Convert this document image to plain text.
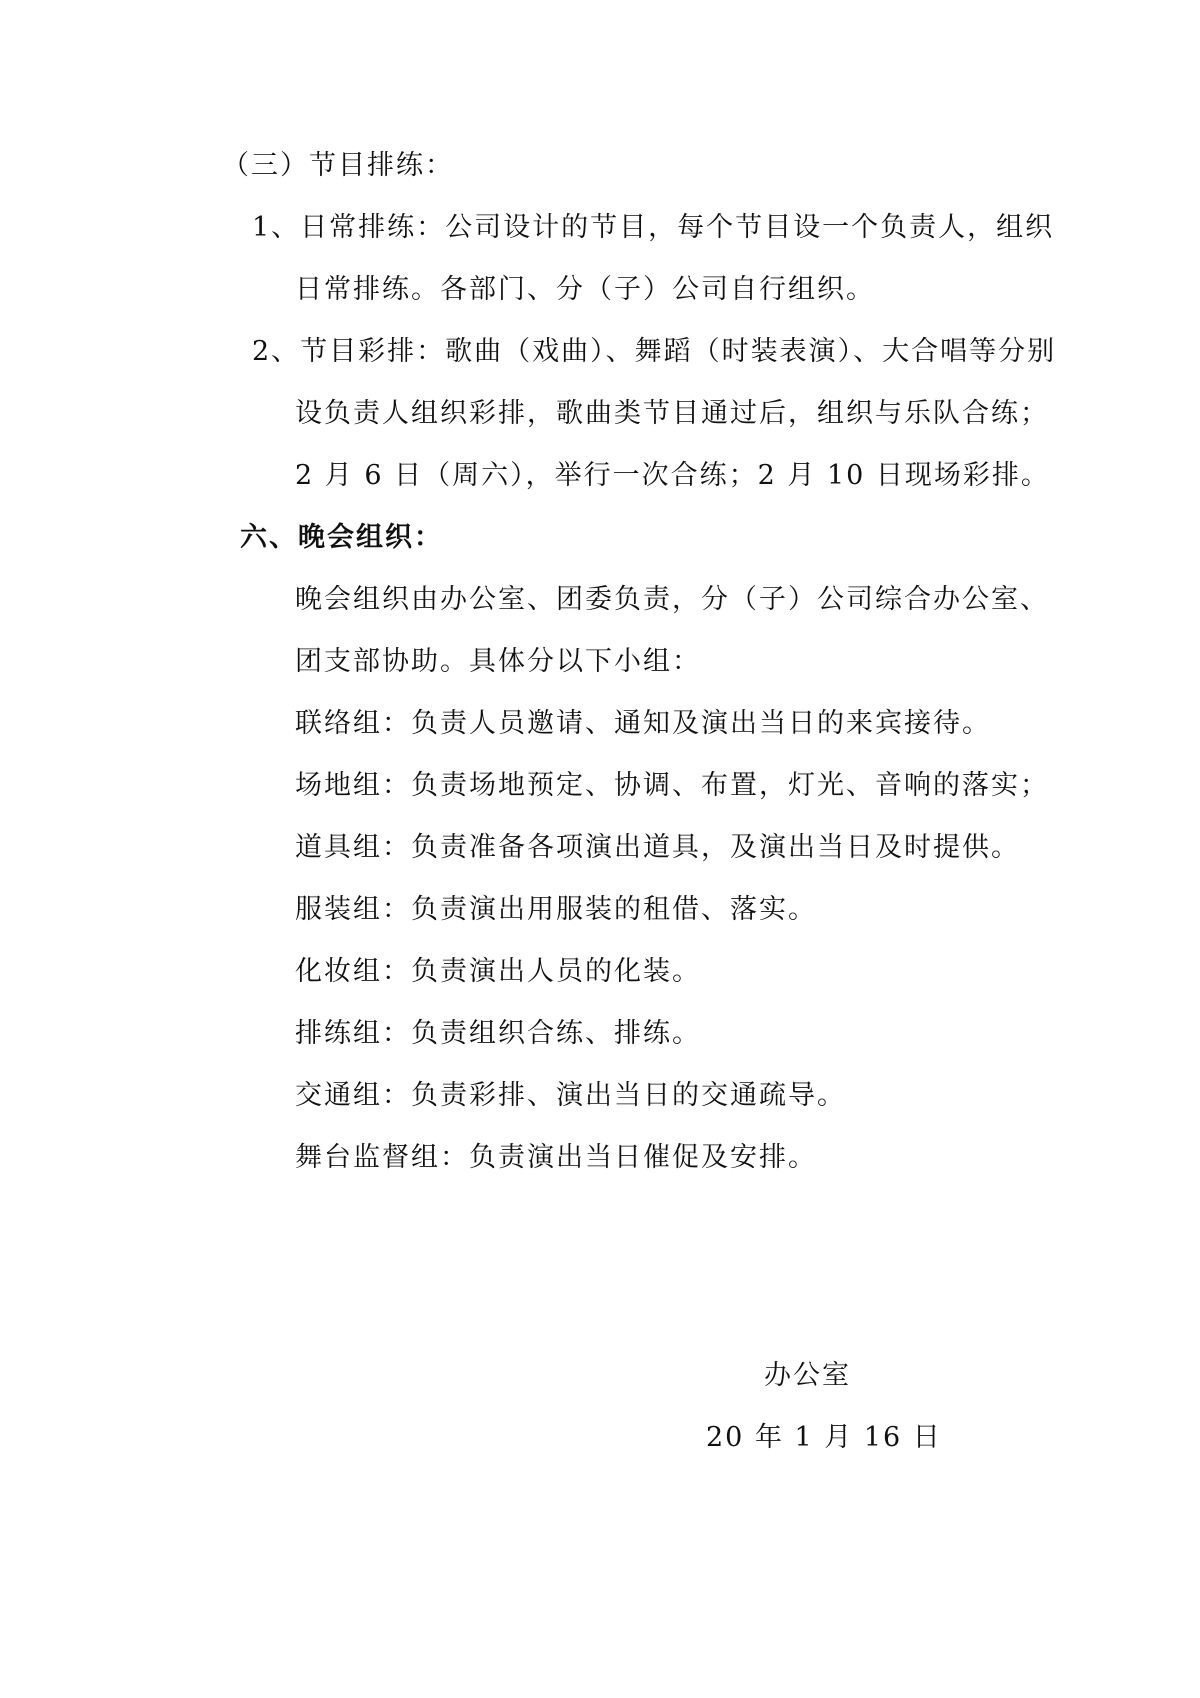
（三）节目排练：
1、日常排练：公司设计的节目，每个节目设一个负责人，组织
日常排练。各部门、分（子）公司自行组织。
2、节目彩排：歌曲（戏曲）、舞蹈（时装表演）、大合唱等分别
设负责人组织彩排，歌曲类节目通过后，组织与乐队合练；
2 月 6 日（周六），举行一次合练；2 月 10 日现场彩排。
六、晚会组织：
晚会组织由办公室、团委负责，分（子）公司综合办公室、
团支部协助。具体分以下小组：
联络组：负责人员邀请、通知及演出当日的来宾接待。
场地组：负责场地预定、协调、布置，灯光、音响的落实；
道具组：负责准备各项演出道具，及演出当日及时提供。
服装组：负责演出用服装的租借、落实。
化妆组：负责演出人员的化装。
排练组：负责组织合练、排练。
交通组：负责彩排、演出当日的交通疏导。
舞台监督组：负责演出当日催促及安排。
办公室
20 年 1 月 16 日
